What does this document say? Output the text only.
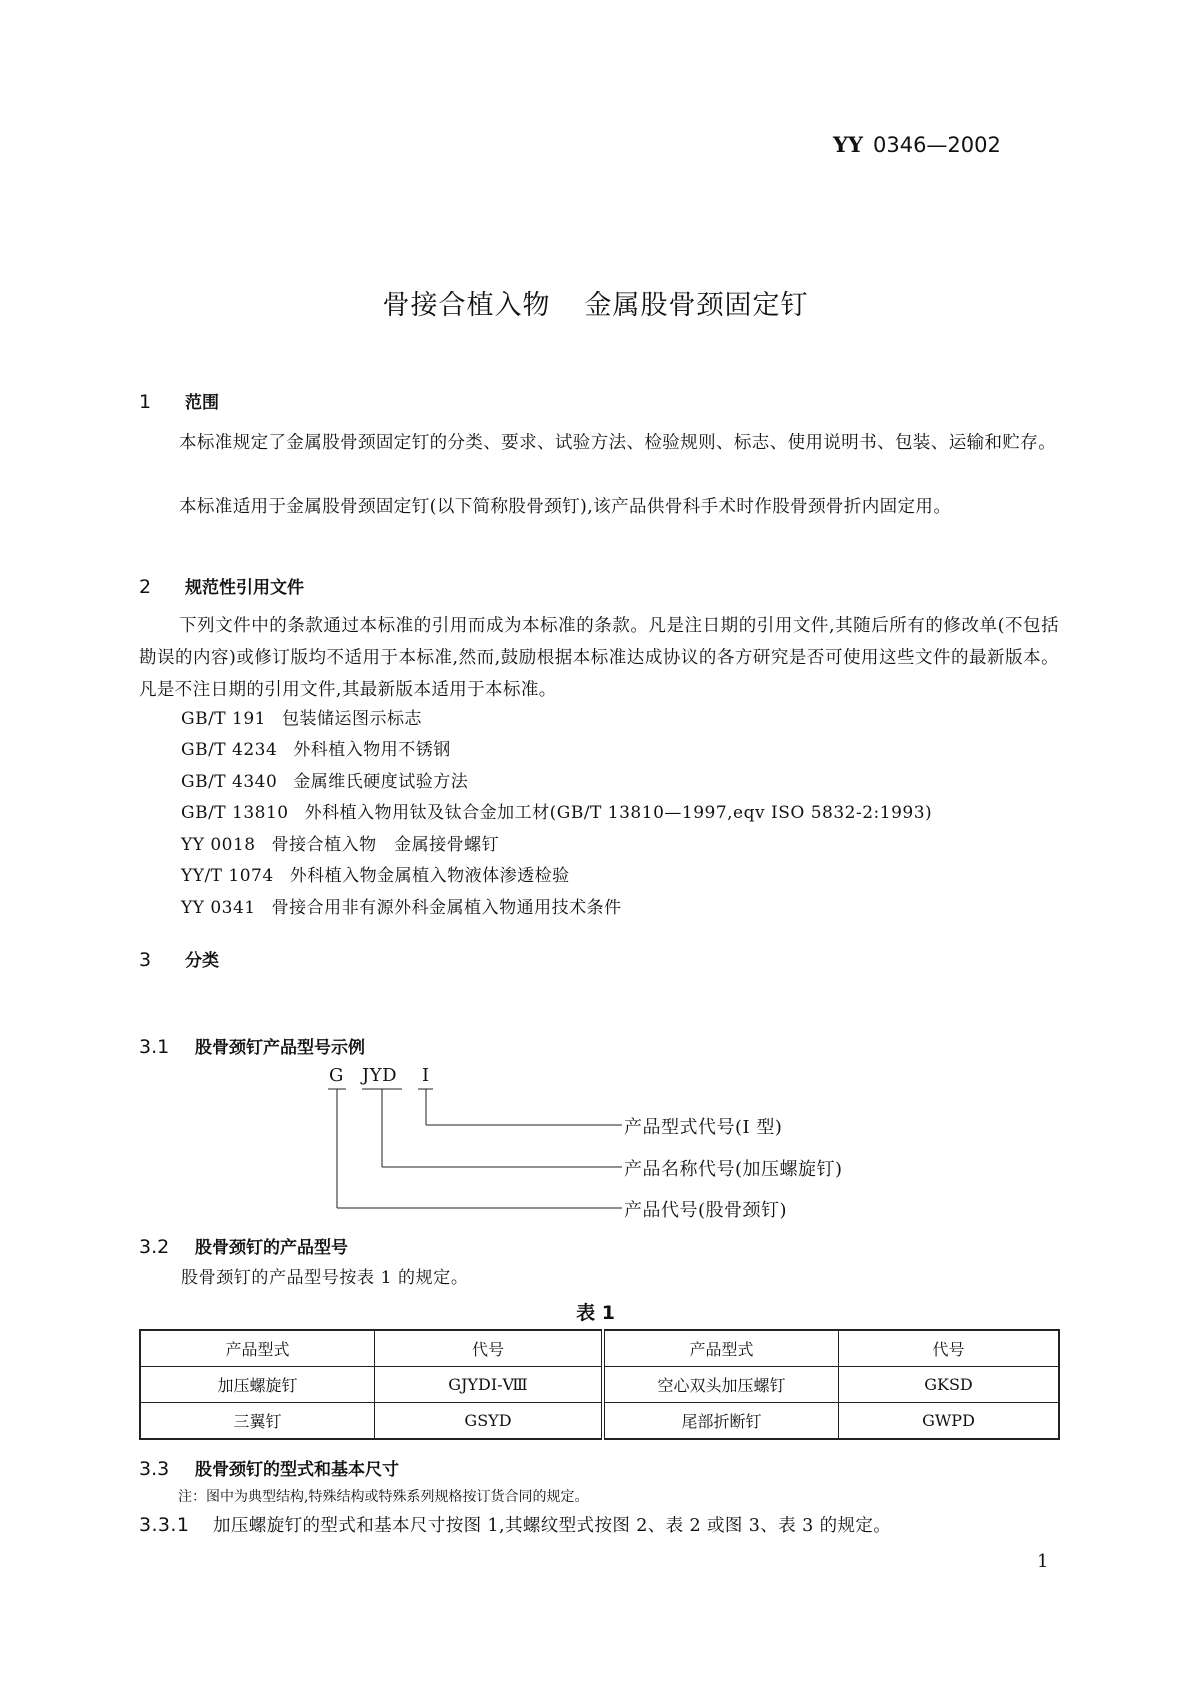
YY 0346—2002
骨接合植入物 金属股骨颈固定钉
1 范围
本标准规定了金属股骨颈固定钉的分类、要求、试验方法、检验规则、标志、使用说明书、包装、运输和贮存。
本标准适用于金属股骨颈固定钉(以下简称股骨颈钉),该产品供骨科手术时作股骨颈骨折内固定用。
2 规范性引用文件
下列文件中的条款通过本标准的引用而成为本标准的条款。凡是注日期的引用文件,其随后所有的修改单(不包括勘误的内容)或修订版均不适用于本标准,然而,鼓励根据本标准达成协议的各方研究是否可使用这些文件的最新版本。凡是不注日期的引用文件,其最新版本适用于本标准。
GB/T 191 包装储运图示标志
GB/T 4234 外科植入物用不锈钢
GB/T 4340 金属维氏硬度试验方法
GB/T 13810 外科植入物用钛及钛合金加工材(GB/T 13810—1997,eqv ISO 5832-2:1993)
YY 0018 骨接合植入物　金属接骨螺钉
YY/T 1074 外科植入物金属植入物液体渗透检验
YY 0341 骨接合用非有源外科金属植入物通用技术条件
3 分类
3.1 股骨颈钉产品型号示例
G JYD I
产品型式代号(Ⅰ 型)
产品名称代号(加压螺旋钉)
产品代号(股骨颈钉)
3.2 股骨颈钉的产品型号
股骨颈钉的产品型号按表 1 的规定。
表 1
产品型式	代号	产品型式	代号
加压螺旋钉	GJYDI-Ⅷ	空心双头加压螺钉	GKSD
三翼钉	GSYD	尾部折断钉	GWPD
3.3 股骨颈钉的型式和基本尺寸
注：图中为典型结构,特殊结构或特殊系列规格按订货合同的规定。
3.3.1 加压螺旋钉的型式和基本尺寸按图 1,其螺纹型式按图 2、表 2 或图 3、表 3 的规定。
1
